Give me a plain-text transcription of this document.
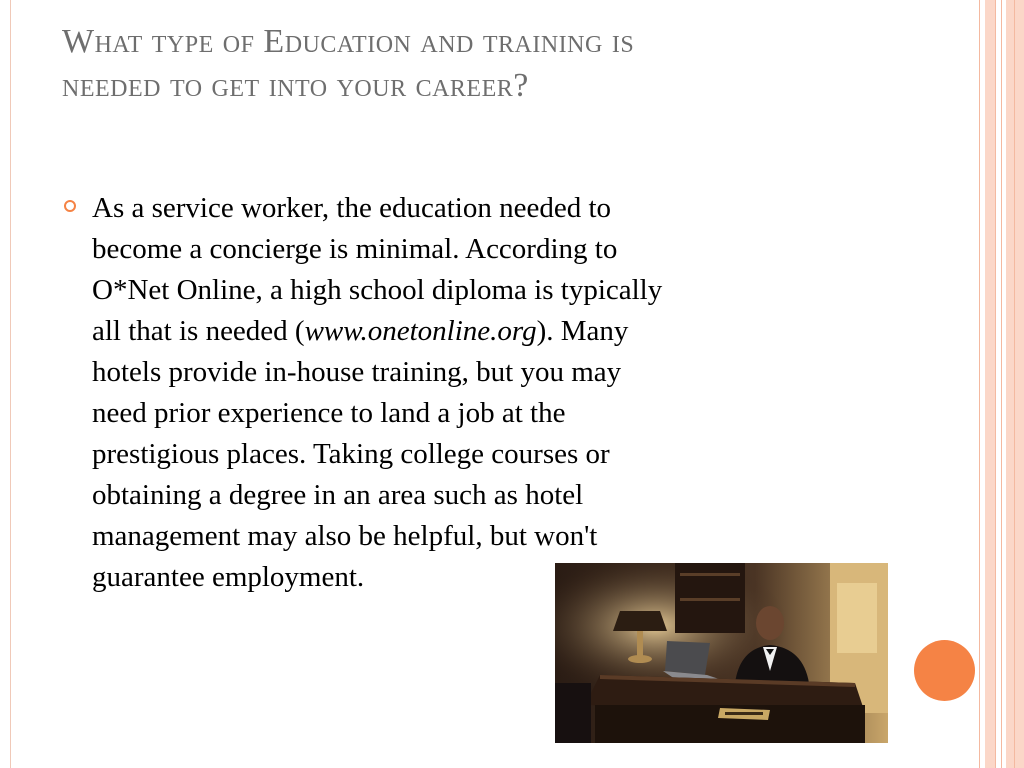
What type of Education and training is
needed to get into your career?

As a service worker, the education needed to
become a concierge is minimal. According to
O*Net Online, a high school diploma is typically
all that is needed (www.onetonline.org). Many
hotels provide in-house training, but you may
need prior experience to land a job at the
prestigious places. Taking college courses or
obtaining a degree in an area such as hotel
management may also be helpful, but won't
guarantee employment.
